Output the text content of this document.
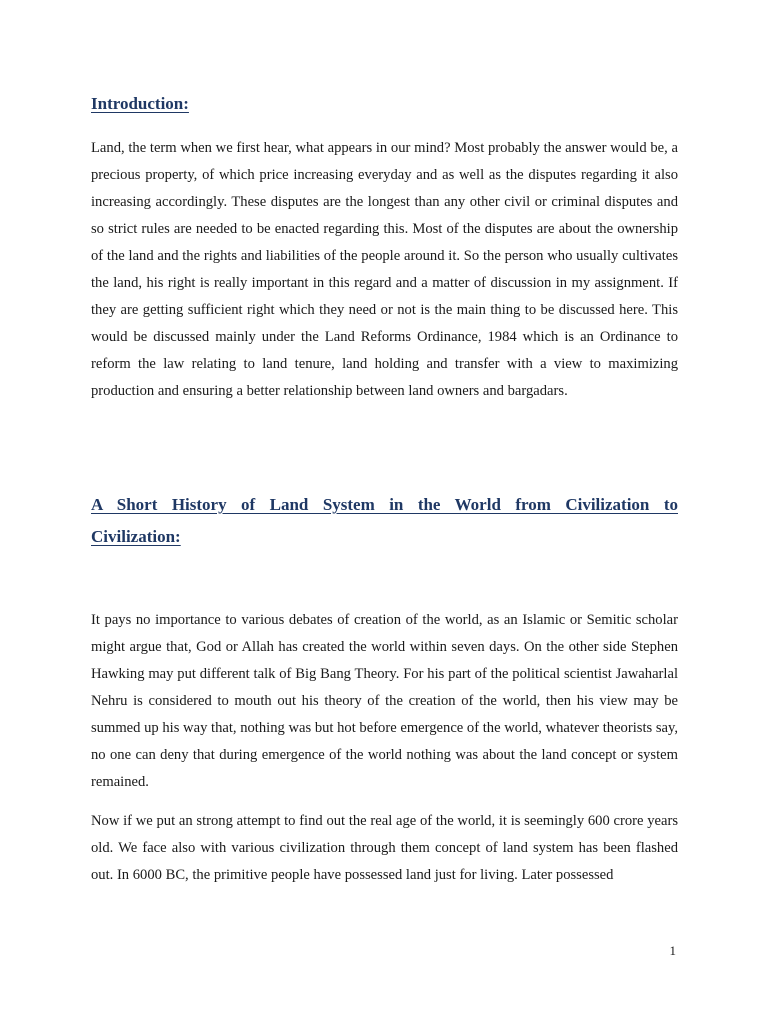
Introduction:

Land, the term when we first hear, what appears in our mind? Most probably the answer would be, a precious property, of which price increasing everyday and as well as the disputes regarding it also increasing accordingly. These disputes are the longest than any other civil or criminal disputes and so strict rules are needed to be enacted regarding this. Most of the disputes are about the ownership of the land and the rights and liabilities of the people around it. So the person who usually cultivates the land, his right is really important in this regard and a matter of discussion in my assignment. If they are getting sufficient right which they need or not is the main thing to be discussed here. This would be discussed mainly under the Land Reforms Ordinance, 1984 which is an Ordinance to reform the law relating to land tenure, land holding and transfer with a view to maximizing production and ensuring a better relationship between land owners and bargadars.

A Short History of Land System in the World from Civilization to Civilization:

It pays no importance to various debates of creation of the world, as an Islamic or Semitic scholar might argue that, God or Allah has created the world within seven days. On the other side Stephen Hawking may put different talk of Big Bang Theory. For his part of the political scientist Jawaharlal Nehru is considered to mouth out his theory of the creation of the world, then his view may be summed up his way that, nothing was but hot before emergence of the world, whatever theorists say, no one can deny that during emergence of the world nothing was about the land concept or system remained.

Now if we put an strong attempt to find out the real age of the world, it is seemingly 600 crore years old. We face also with various civilization through them concept of land system has been flashed out. In 6000 BC, the primitive people have possessed land just for living. Later possessed

1
